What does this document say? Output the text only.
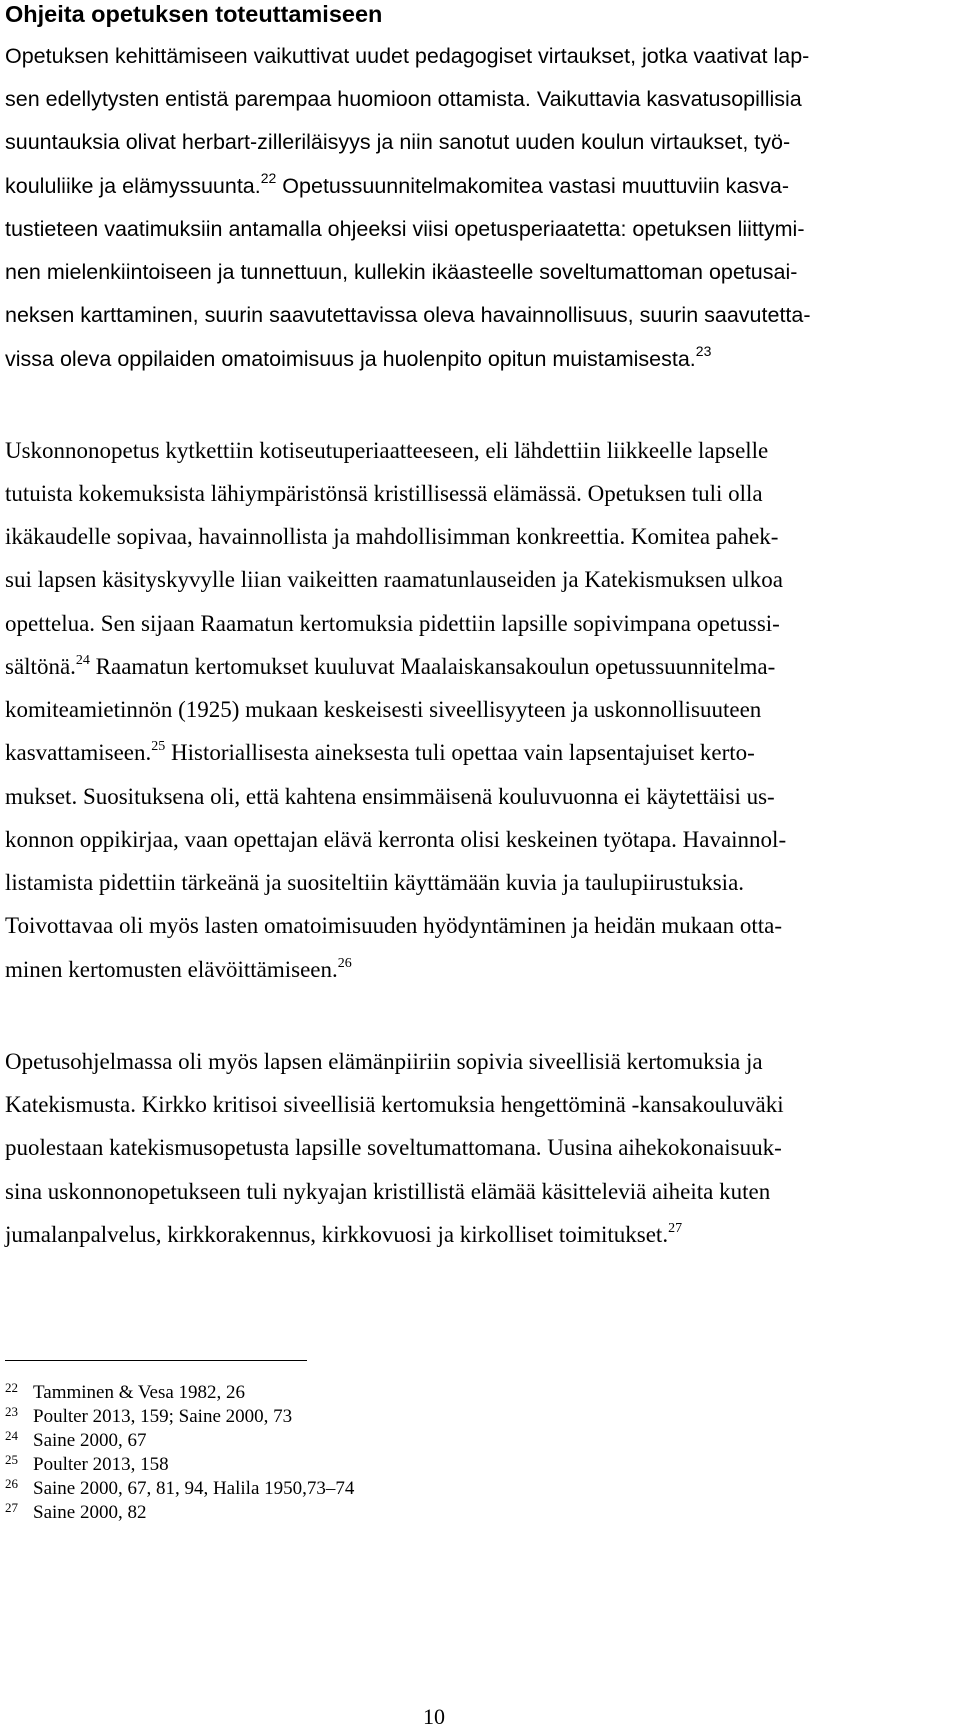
Ohjeita opetuksen toteuttamiseen
Opetuksen kehittämiseen vaikuttivat uudet pedagogiset virtaukset, jotka vaativat lap-
sen edellytysten entistä parempaa huomioon ottamista. Vaikuttavia kasvatusopillisia
suuntauksia olivat herbart-zilleriläisyys ja niin sanotut uuden koulun virtaukset, työ-
koululiike ja elämyssuunta.$^{22}$ Opetussuunnitelmakomitea vastasi muuttuviin kasva-
tustieteen vaatimuksiin antamalla ohjeeksi viisi opetusperiaatetta: opetuksen liittymi-
nen mielenkiintoiseen ja tunnettuun, kullekin ikäasteelle soveltumattoman opetusai-
neksen karttaminen, suurin saavutettavissa oleva havainnollisuus, suurin saavutetta-
vissa oleva oppilaiden omatoimisuus ja huolenpito opitun muistamisesta.$^{23}$
Uskonnonopetus kytkettiin kotiseutuperiaatteeseen, eli lähdettiin liikkeelle lapselle
tutuista kokemuksista lähiympäristönsä kristillisessä elämässä. Opetuksen tuli olla
ikäkaudelle sopivaa, havainnollista ja mahdollisimman konkreettia. Komitea pahek-
sui lapsen käsityskyvylle liian vaikeitten raamatunlauseiden ja Katekismuksen ulkoa
opettelua. Sen sijaan Raamatun kertomuksia pidettiin lapsille sopivimpana opetussi-
sältönä.$^{24}$ Raamatun kertomukset kuuluvat Maalaiskansakoulun opetussuunnitelma-
komiteamietinnön (1925) mukaan keskeisesti siveellisyyteen ja uskonnollisuuteen
kasvattamiseen.$^{25}$ Historiallisesta aineksesta tuli opettaa vain lapsentajuiset kerto-
mukset. Suosituksena oli, että kahtena ensimmäisenä kouluvuonna ei käytettäisi us-
konnon oppikirjaa, vaan opettajan elävä kerronta olisi keskeinen työtapa. Havainnol-
listamista pidettiin tärkeänä ja suositeltiin käyttämään kuvia ja taulupiirustuksia.
Toivottavaa oli myös lasten omatoimisuuden hyödyntäminen ja heidän mukaan otta-
minen kertomusten elävöittämiseen.$^{26}$
Opetusohjelmassa oli myös lapsen elämänpiiriin sopivia siveellisiä kertomuksia ja
Katekismusta. Kirkko kritisoi siveellisiä kertomuksia hengettöminä -kansakouluväki
puolestaan katekismusopetusta lapsille soveltumattomana. Uusina aihekokonaisuuk-
sina uskonnonopetukseen tuli nykyajan kristillistä elämää käsitteleviä aiheita kuten
jumalanpalvelus, kirkkorakennus, kirkkovuosi ja kirkolliset toimitukset.$^{27}$
22 Tamminen & Vesa 1982, 26
23 Poulter 2013, 159; Saine 2000, 73
24 Saine 2000, 67
25 Poulter 2013, 158
26 Saine 2000, 67, 81, 94, Halila 1950,73–74
27 Saine 2000, 82
10
